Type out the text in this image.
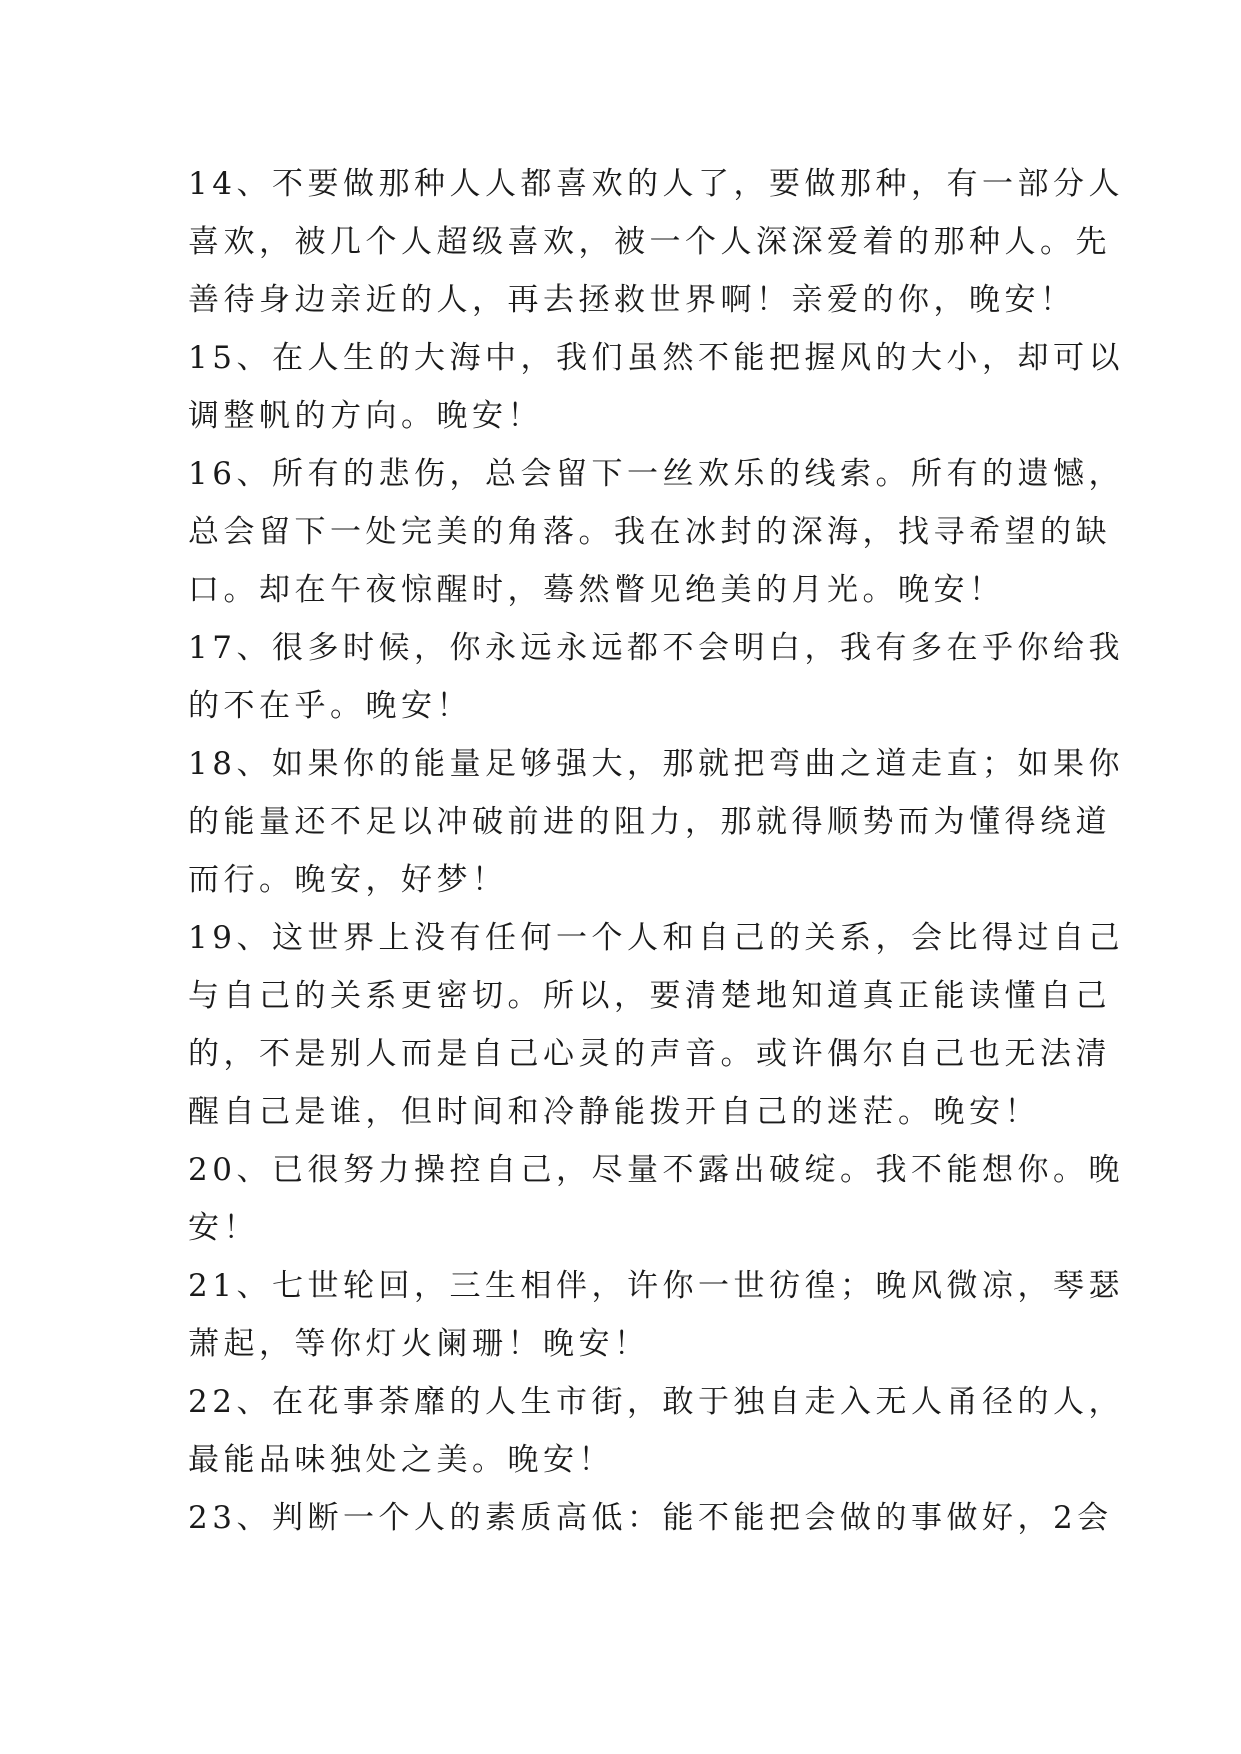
14、不要做那种人人都喜欢的人了，要做那种，有一部分人
喜欢，被几个人超级喜欢，被一个人深深爱着的那种人。先
善待身边亲近的人，再去拯救世界啊！亲爱的你，晚安！
15、在人生的大海中，我们虽然不能把握风的大小，却可以
调整帆的方向。晚安！
16、所有的悲伤，总会留下一丝欢乐的线索。所有的遗憾，
总会留下一处完美的角落。我在冰封的深海，找寻希望的缺
口。却在午夜惊醒时，蓦然瞥见绝美的月光。晚安！
17、很多时候，你永远永远都不会明白，我有多在乎你给我
的不在乎。晚安！
18、如果你的能量足够强大，那就把弯曲之道走直；如果你
的能量还不足以冲破前进的阻力，那就得顺势而为懂得绕道
而行。晚安，好梦！
19、这世界上没有任何一个人和自己的关系，会比得过自己
与自己的关系更密切。所以，要清楚地知道真正能读懂自己
的，不是别人而是自己心灵的声音。或许偶尔自己也无法清
醒自己是谁，但时间和冷静能拨开自己的迷茫。晚安！
20、已很努力操控自己，尽量不露出破绽。我不能想你。晚
安！
21、七世轮回，三生相伴，许你一世彷徨；晚风微凉，琴瑟
萧起，等你灯火阑珊！晚安！
22、在花事荼靡的人生市街，敢于独自走入无人甬径的人，
最能品味独处之美。晚安！
23、判断一个人的素质高低：能不能把会做的事做好，2会
